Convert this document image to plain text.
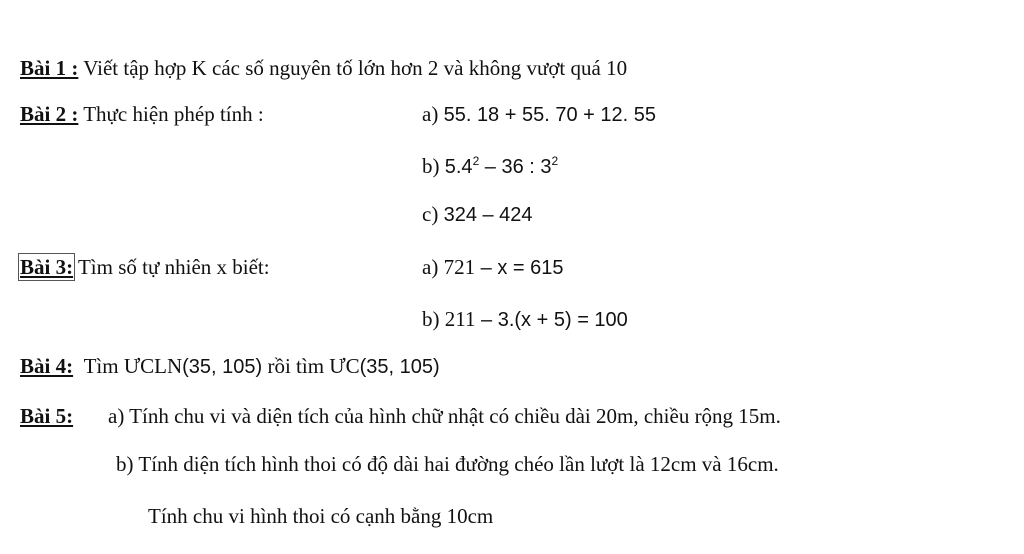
Bài 1 : Viết tập hợp K các số nguyên tố lớn hơn 2 và không vượt quá 10
Bài 2 : Thực hiện phép tính :	a) 55. 18 + 55. 70 + 12. 55
b) $5.4^2 - 36$ : $3^2$
c) 324 – 424
Bài 3: Tìm số tự nhiên x biết:	a) 721 – x = 615
b) 211 – 3.(x + 5) = 100
Bài 4: Tìm ƯCLN(35, 105) rồi tìm ƯC(35, 105)
Bài 5: a) Tính chu vi và diện tích của hình chữ nhật có chiều dài 20m, chiều rộng 15m.
b) Tính diện tích hình thoi có độ dài hai đường chéo lần lượt là 12cm và 16cm.
Tính chu vi hình thoi có cạnh bằng 10cm
